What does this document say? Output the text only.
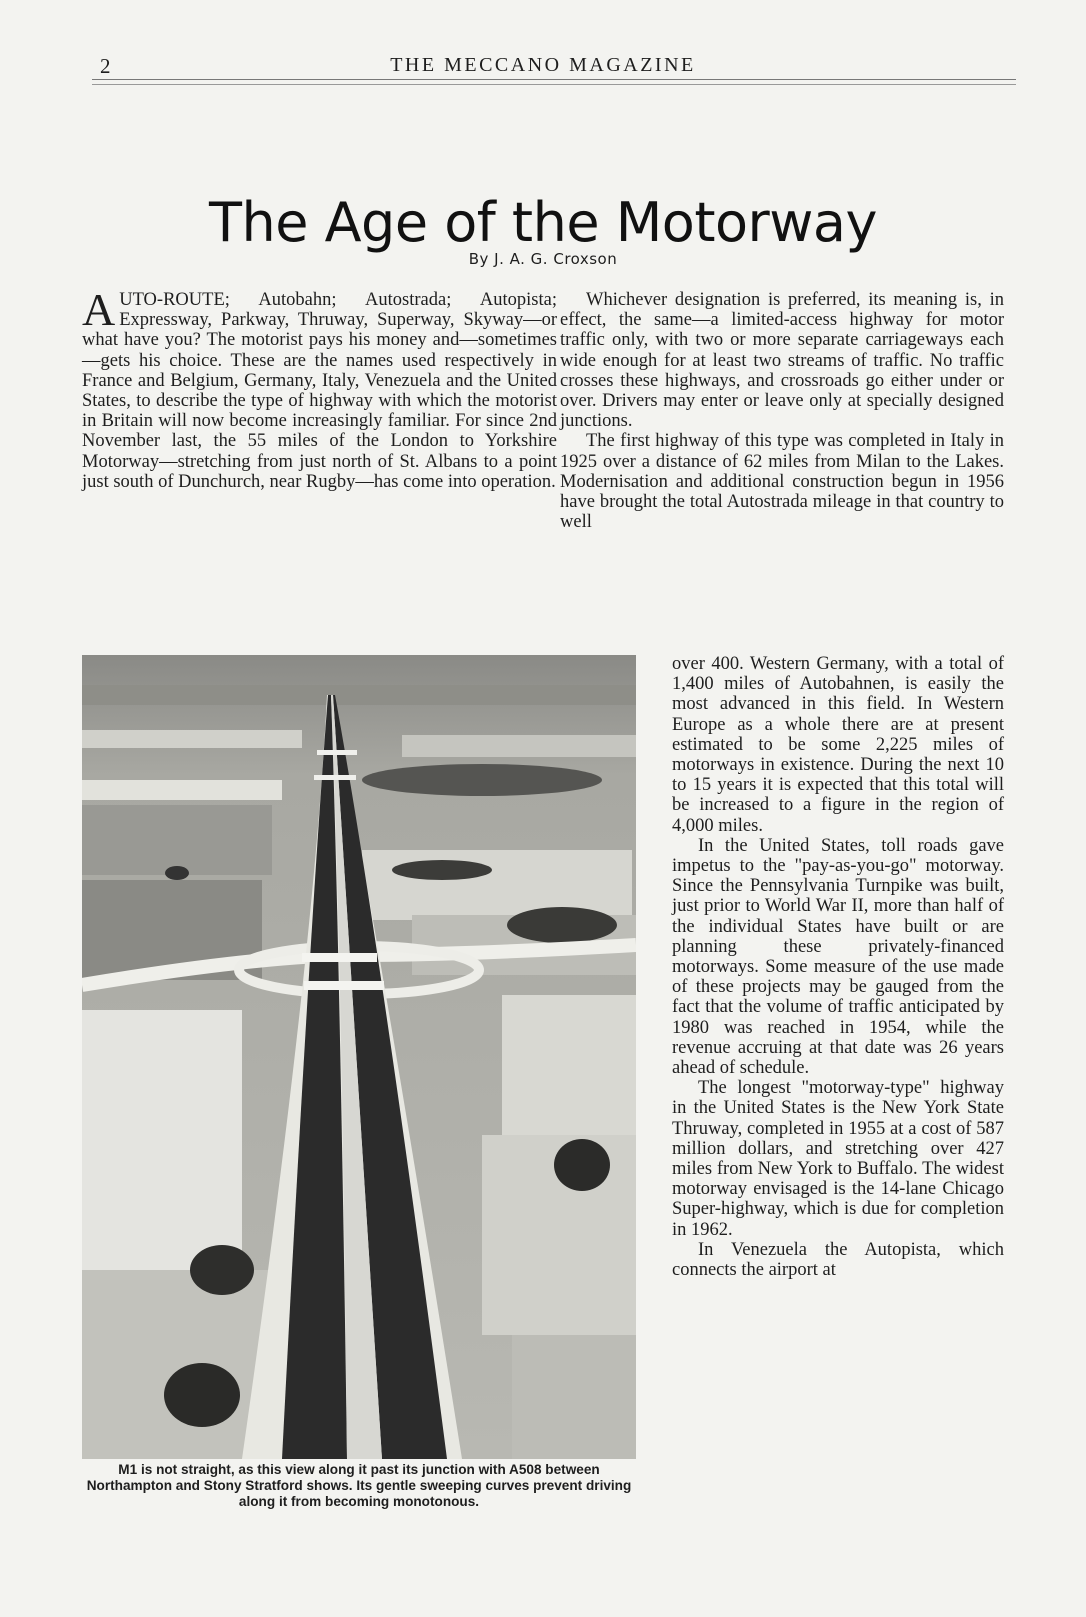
2	THE MECCANO MAGAZINE
The Age of the Motorway
By J. A. G. Croxson

AUTO-ROUTE; Autobahn; Autostrada; Autopista; Expressway, Parkway, Thruway, Superway, Skyway—or what have you? The motorist pays his money and—sometimes—gets his choice. These are the names used respectively in France and Belgium, Germany, Italy, Venezuela and the United States, to describe the type of highway with which the motorist in Britain will now become increasingly familiar. For since 2nd November last, the 55 miles of the London to Yorkshire Motorway—stretching from just north of St. Albans to a point just south of Dunchurch, near Rugby—has come into operation.

Whichever designation is preferred, its meaning is, in effect, the same—a limited-access highway for motor traffic only, with two or more separate carriageways each wide enough for at least two streams of traffic. No traffic crosses these highways, and crossroads go either under or over. Drivers may enter or leave only at specially designed junctions.

The first highway of this type was completed in Italy in 1925 over a distance of 62 miles from Milan to the Lakes. Modernisation and additional construction begun in 1956 have brought the total Autostrada mileage in that country to well

M1 is not straight, as this view along it past its junction with A508 between Northampton and Stony Stratford shows. Its gentle sweeping curves prevent driving along it from becoming monotonous.

over 400. Western Germany, with a total of 1,400 miles of Autobahnen, is easily the most advanced in this field. In Western Europe as a whole there are at present estimated to be some 2,225 miles of motorways in existence. During the next 10 to 15 years it is expected that this total will be increased to a figure in the region of 4,000 miles.

In the United States, toll roads gave impetus to the "pay-as-you-go" motorway. Since the Pennsylvania Turnpike was built, just prior to World War II, more than half of the individual States have built or are planning these privately-financed motorways. Some measure of the use made of these projects may be gauged from the fact that the volume of traffic anticipated by 1980 was reached in 1954, while the revenue accruing at that date was 26 years ahead of schedule.

The longest "motorway-type" highway in the United States is the New York State Thruway, completed in 1955 at a cost of 587 million dollars, and stretching over 427 miles from New York to Buffalo. The widest motorway envisaged is the 14-lane Chicago Super-highway, which is due for completion in 1962.

In Venezuela the Autopista, which connects the airport at
